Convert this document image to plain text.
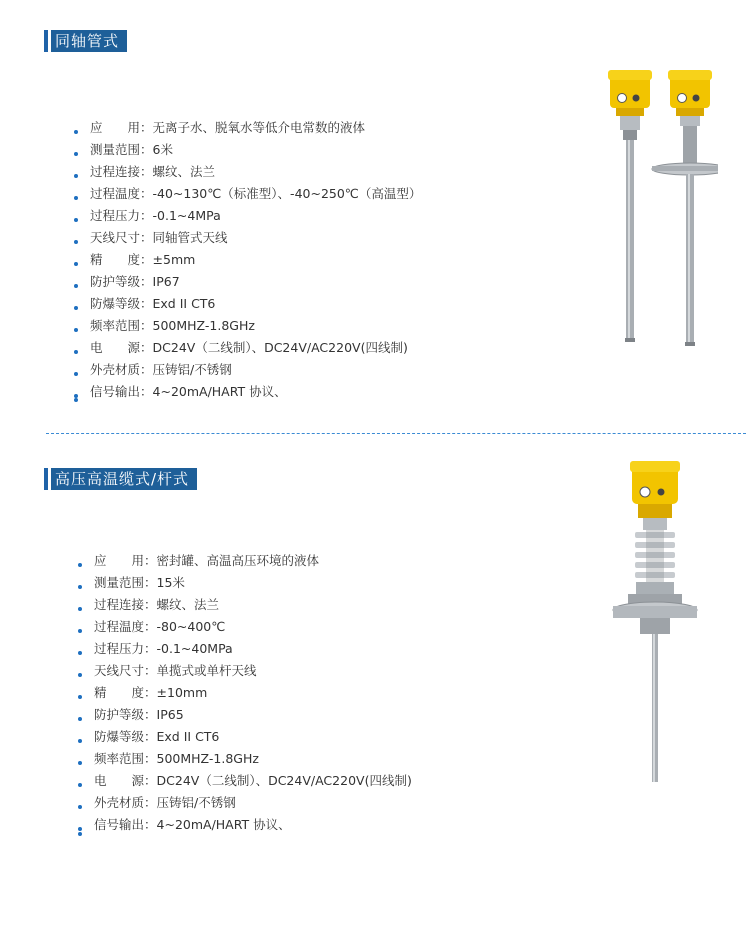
同轴管式
应　　用：无离子水、脱氧水等低介电常数的液体
测量范围：6米
过程连接：螺纹、法兰
过程温度：-40~130℃（标准型）、-40~250℃（高温型）
过程压力：-0.1~4MPa
天线尺寸：同轴管式天线
精　　度：±5mm
防护等级：IP67
防爆等级：Exd II CT6
频率范围：500MHZ-1.8GHz
电　　源：DC24V（二线制）、DC24V/AC220V(四线制)
外壳材质：压铸铝/不锈钢
信号输出：4~20mA/HART 协议、
高压高温缆式/杆式
应　　用：密封罐、高温高压环境的液体
测量范围：15米
过程连接：螺纹、法兰
过程温度：-80~400℃
过程压力：-0.1~40MPa
天线尺寸：单揽式或单杆天线
精　　度：±10mm
防护等级：IP65
防爆等级：Exd II CT6
频率范围：500MHZ-1.8GHz
电　　源：DC24V（二线制）、DC24V/AC220V(四线制)
外壳材质：压铸铝/不锈钢
信号输出：4~20mA/HART 协议、
